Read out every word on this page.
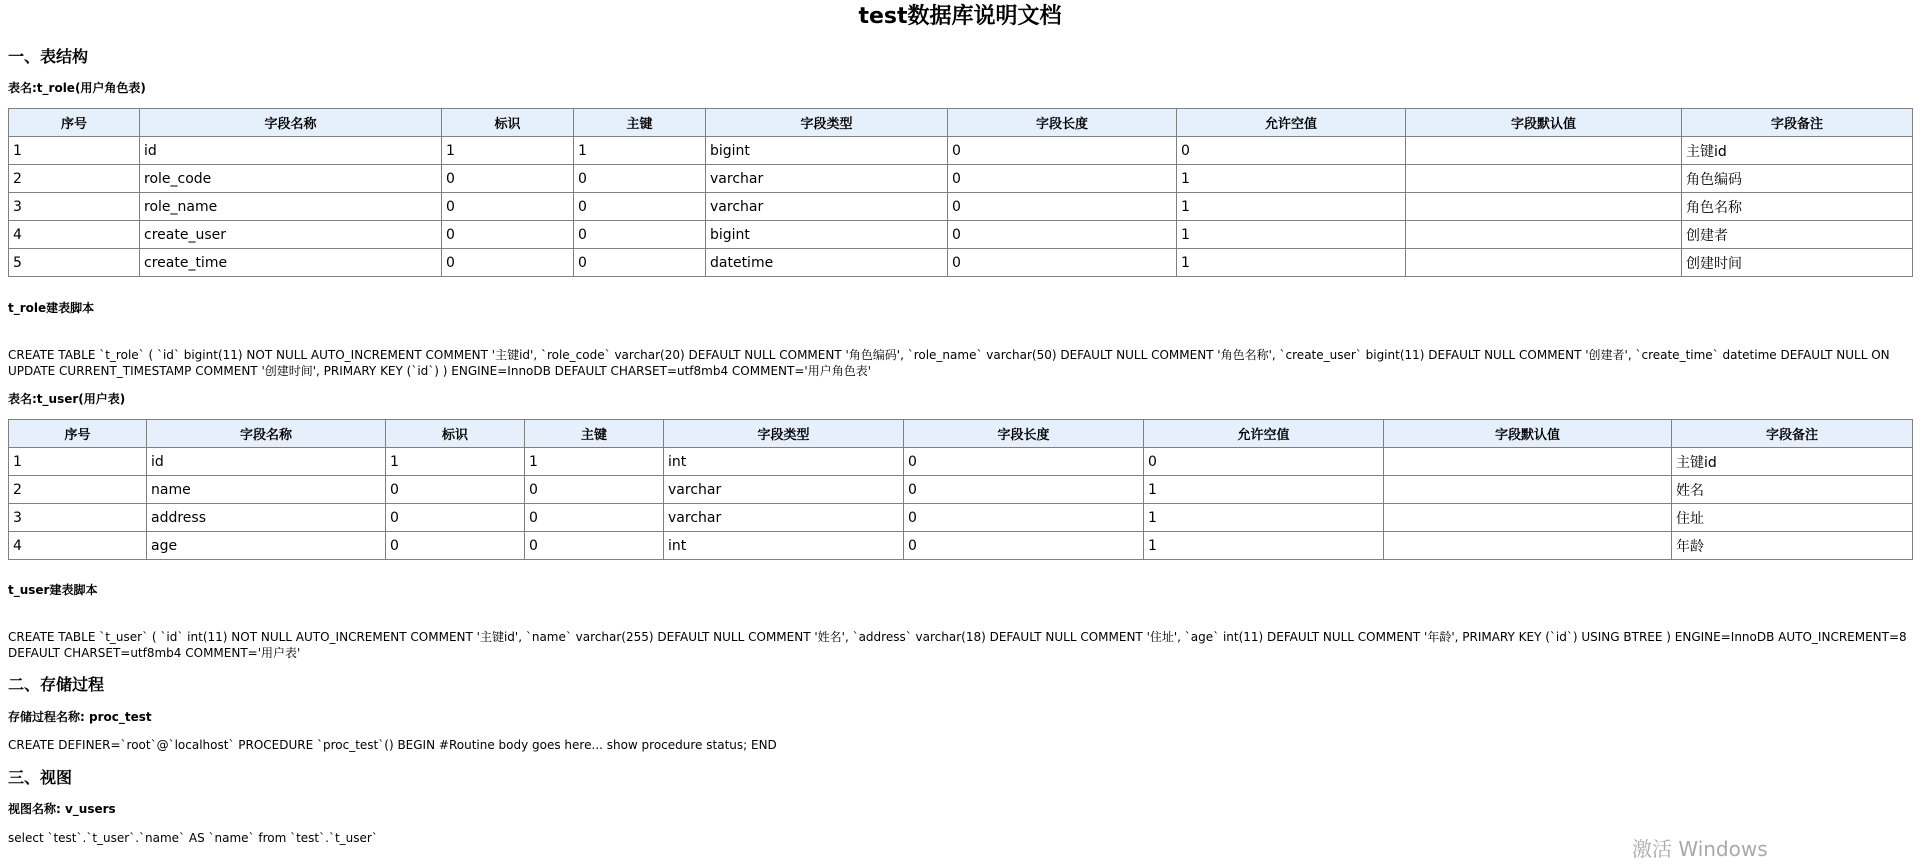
test数据库说明文档
一、表结构
表名:t_role(用户角色表)
序号	字段名称	标识	主键	字段类型	字段长度	允许空值	字段默认值	字段备注
1	id	1	1	bigint	0	0		主键id
2	role_code	0	0	varchar	0	1		角色编码
3	role_name	0	0	varchar	0	1		角色名称
4	create_user	0	0	bigint	0	1		创建者
5	create_time	0	0	datetime	0	1		创建时间
t_role建表脚本

CREATE TABLE `t_role` ( `id` bigint(11) NOT NULL AUTO_INCREMENT COMMENT '主键id', `role_code` varchar(20) DEFAULT NULL COMMENT '角色编码', `role_name` varchar(50) DEFAULT NULL COMMENT '角色名称', `create_user` bigint(11) DEFAULT NULL COMMENT '创建者', `create_time` datetime DEFAULT NULL ON UPDATE CURRENT_TIMESTAMP COMMENT '创建时间', PRIMARY KEY (`id`) ) ENGINE=InnoDB DEFAULT CHARSET=utf8mb4 COMMENT='用户角色表'

表名:t_user(用户表)
序号	字段名称	标识	主键	字段类型	字段长度	允许空值	字段默认值	字段备注
1	id	1	1	int	0	0		主键id
2	name	0	0	varchar	0	1		姓名
3	address	0	0	varchar	0	1		住址
4	age	0	0	int	0	1		年龄
t_user建表脚本

CREATE TABLE `t_user` ( `id` int(11) NOT NULL AUTO_INCREMENT COMMENT '主键id', `name` varchar(255) DEFAULT NULL COMMENT '姓名', `address` varchar(18) DEFAULT NULL COMMENT '住址', `age` int(11) DEFAULT NULL COMMENT '年龄', PRIMARY KEY (`id`) USING BTREE ) ENGINE=InnoDB AUTO_INCREMENT=8 DEFAULT CHARSET=utf8mb4 COMMENT='用户表'

二、存储过程
存储过程名称: proc_test

CREATE DEFINER=`root`@`localhost` PROCEDURE `proc_test`() BEGIN #Routine body goes here... show procedure status; END

三、视图
视图名称: v_users

select `test`.`t_user`.`name` AS `name` from `test`.`t_user`	激活 Windows
